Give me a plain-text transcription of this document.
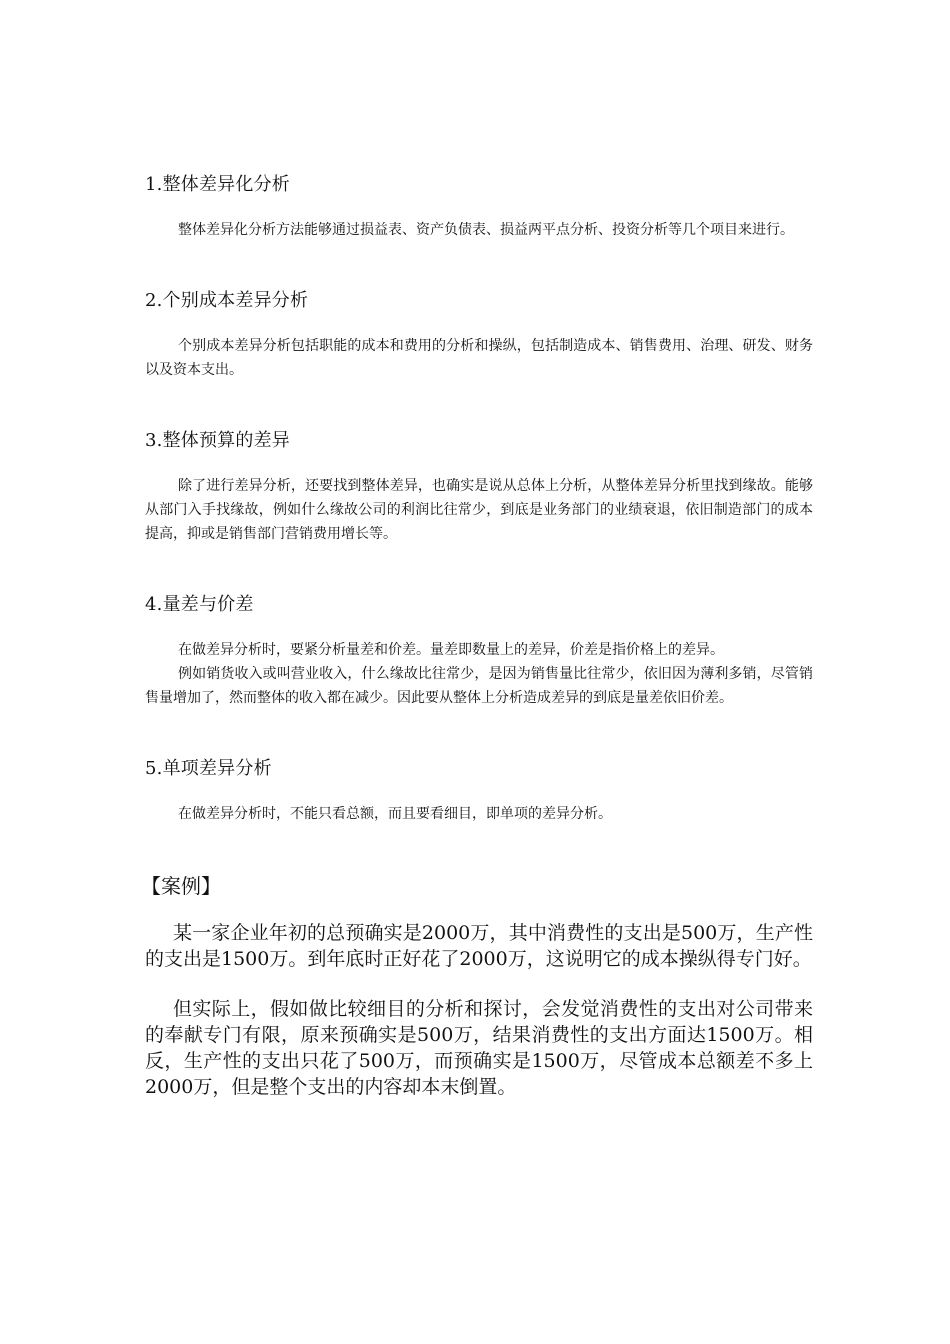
1.整体差异化分析

整体差异化分析方法能够通过损益表、资产负债表、损益两平点分析、投资分析等几个项目来进行。

2.个别成本差异分析

个别成本差异分析包括职能的成本和费用的分析和操纵，包括制造成本、销售费用、治理、研发、财务以及资本支出。

3.整体预算的差异

除了进行差异分析，还要找到整体差异，也确实是说从总体上分析，从整体差异分析里找到缘故。能够从部门入手找缘故，例如什么缘故公司的利润比往常少，到底是业务部门的业绩衰退，依旧制造部门的成本提高，抑或是销售部门营销费用增长等。

4.量差与价差

在做差异分析时，要紧分析量差和价差。量差即数量上的差异，价差是指价格上的差异。

例如销货收入或叫营业收入，什么缘故比往常少，是因为销售量比往常少，依旧因为薄利多销，尽管销售量增加了，然而整体的收入都在减少。因此要从整体上分析造成差异的到底是量差依旧价差。

5.单项差异分析

在做差异分析时，不能只看总额，而且要看细目，即单项的差异分析。

【案例】

某一家企业年初的总预确实是2000万，其中消费性的支出是500万，生产性的支出是1500万。到年底时正好花了2000万，这说明它的成本操纵得专门好。

但实际上，假如做比较细目的分析和探讨，会发觉消费性的支出对公司带来的奉献专门有限，原来预确实是500万，结果消费性的支出方面达1500万。相反，生产性的支出只花了500万，而预确实是1500万，尽管成本总额差不多上2000万，但是整个支出的内容却本末倒置。
